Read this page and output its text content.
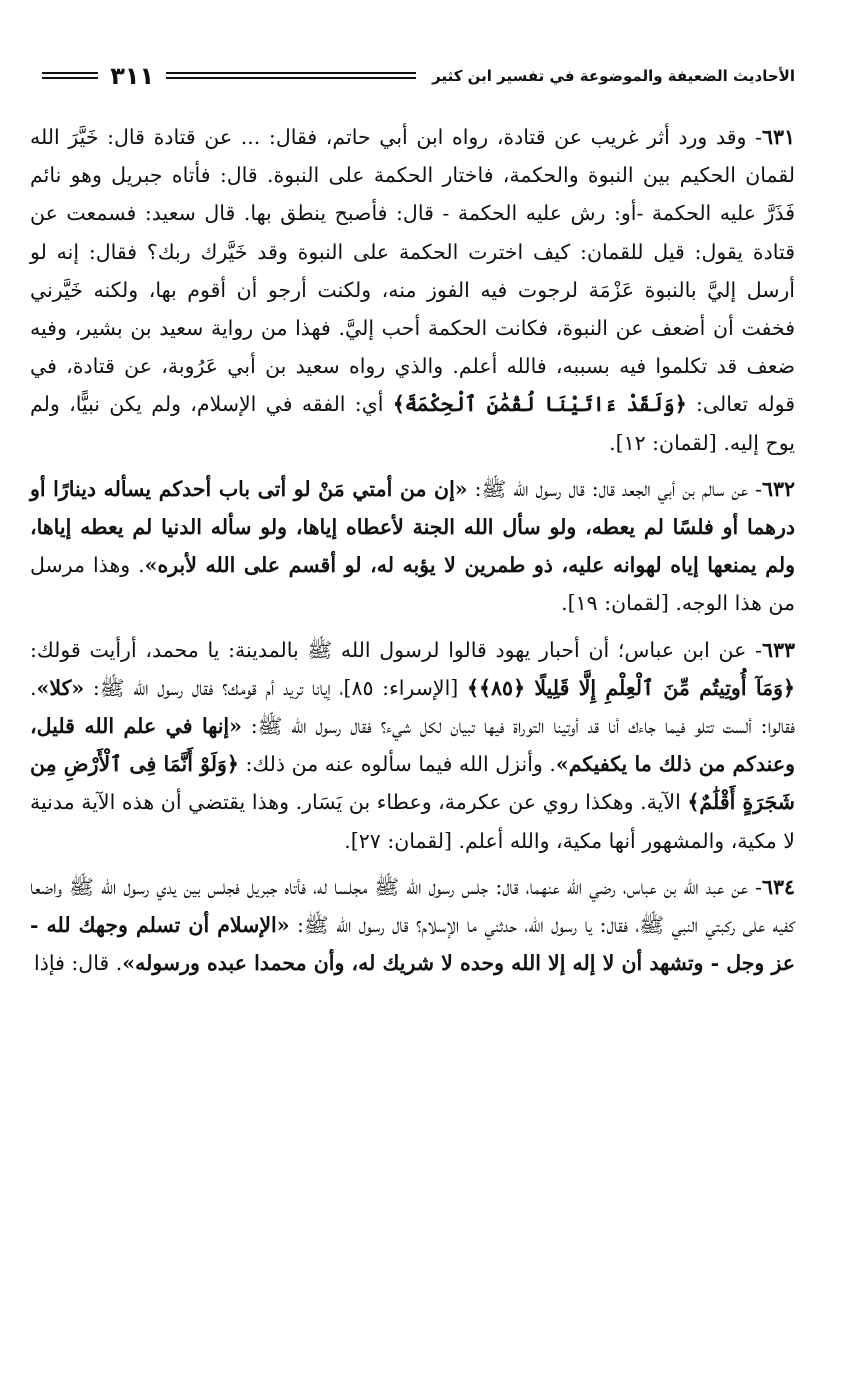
الأحاديث الضعيفة والموضوعة في تفسير ابن كثير
٣١١

٦٣١- وقد ورد أثر غريب عن قتادة، رواه ابن أبي حاتم، فقال: ... عن قتادة قال: خَيَّرَ الله لقمان الحكيم بين النبوة والحكمة، فاختار الحكمة على النبوة. قال: فأتاه جبريل وهو نائم فَذَرَّ عليه الحكمة -أو: رش عليه الحكمة - قال: فأصبح ينطق بها. قال سعيد: فسمعت عن قتادة يقول: قيل للقمان: كيف اخترت الحكمة على النبوة وقد خَيَّرك ربك؟ فقال: إنه لو أرسل إليَّ بالنبوة عَزْمَة لرجوت فيه الفوز منه، ولكنت أرجو أن أقوم بها، ولكنه خَيَّرني فخفت أن أضعف عن النبوة، فكانت الحكمة أحب إليَّ. فهذا من رواية سعيد بن بشير، وفيه ضعف قد تكلموا فيه بسببه، فالله أعلم. والذي رواه سعيد بن أبي عَرُوبة، عن قتادة، في قوله تعالى: ﴿وَلَقَدْ ءَاتَيْنَا لُقْمَٰنَ ٱلْحِكْمَةَ﴾ أي: الفقه في الإسلام، ولم يكن نبيًّا، ولم يوح إليه. [لقمان: ١٢].

٦٣٢- عن سالم بن أبي الجعد قال: قال رسول الله ﷺ: «إن من أمتي مَنْ لو أتى باب أحدكم يسأله دينارًا أو درهما أو فلسًا لم يعطه، ولو سأل الله الجنة لأعطاه إياها، ولو سأله الدنيا لم يعطه إياها، ولم يمنعها إياه لهوانه عليه، ذو طمرين لا يؤبه له، لو أقسم على الله لأبره». وهذا مرسل من هذا الوجه. [لقمان: ١٩].

٦٣٣- عن ابن عباس؛ أن أحبار يهود قالوا لرسول الله ﷺ بالمدينة: يا محمد، أرأيت قولك: ﴿وَمَآ أُوتِيتُم مِّنَ ٱلْعِلْمِ إِلَّا قَلِيلًا ﴿٨٥﴾﴾ [الإسراء: ٨٥]، إيانا تريد أم قومك؟ فقال رسول الله ﷺ: «كلا». فقالوا: ألست تتلو فيما جاءك أنا قد أوتينا التوراة فيها تبيان لكل شيء؟ فقال رسول الله ﷺ: «إنها في علم الله قليل، وعندكم من ذلك ما يكفيكم». وأنزل الله فيما سألوه عنه من ذلك: ﴿وَلَوْ أَنَّمَا فِى ٱلْأَرْضِ مِن شَجَرَةٍ أَقْلَٰمٌ﴾ الآية. وهكذا روي عن عكرمة، وعطاء بن يَسَار. وهذا يقتضي أن هذه الآية مدنية لا مكية، والمشهور أنها مكية، والله أعلم. [لقمان: ٢٧].

٦٣٤- عن عبد الله بن عباس، رضي الله عنهما، قال: جلس رسول الله ﷺ مجلسا له، فأتاه جبريل فجلس بين يدي رسول الله ﷺ واضعا كفيه على ركبتي النبي ﷺ، فقال: يا رسول الله، حدثني ما الإسلام؟ قال رسول الله ﷺ: «الإسلام أن تسلم وجهك لله - عز وجل - وتشهد أن لا إله إلا الله وحده لا شريك له، وأن محمدا عبده ورسوله». قال: فإذا
